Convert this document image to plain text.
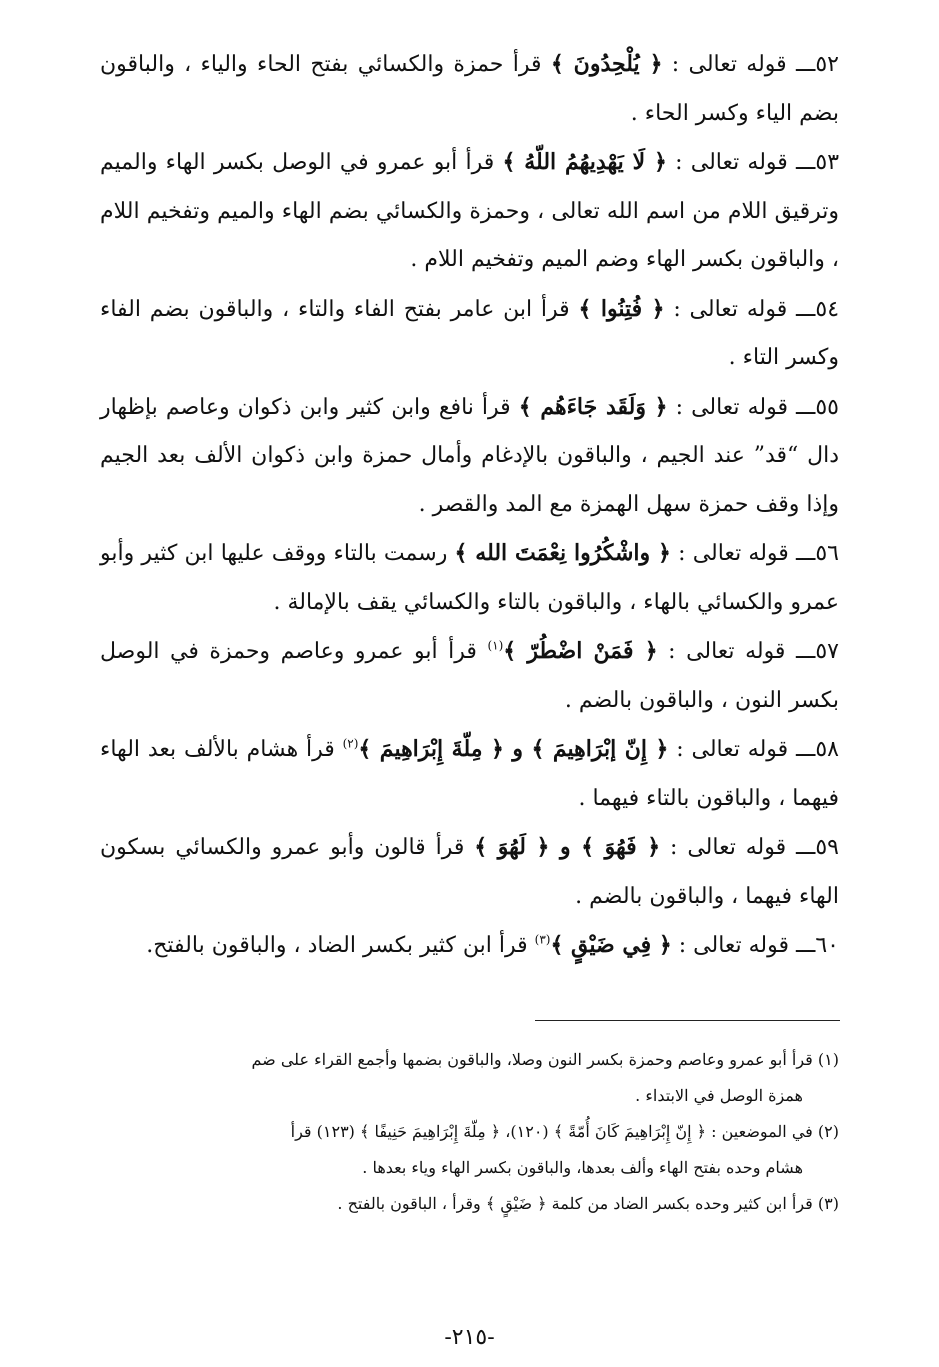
٥٢ـــ قوله تعالى : ﴿ يُلْحِدُونَ ﴾ قرأ حمزة والكسائي بفتح الحاء والياء ، والباقون بضم الياء وكسر الحاء .

٥٣ـــ قوله تعالى : ﴿ لَا يَهْدِيهُمُ اللّهُ ﴾ قرأ أبو عمرو في الوصل بكسر الهاء والميم وترقيق اللام من اسم الله تعالى ، وحمزة والكسائي بضم الهاء والميم وتفخيم اللام ، والباقون بكسر الهاء وضم الميم وتفخيم اللام .

٥٤ـــ قوله تعالى : ﴿ فُتِنُوا ﴾ قرأ ابن عامر بفتح الفاء والتاء ، والباقون بضم الفاء وكسر التاء .

٥٥ـــ قوله تعالى : ﴿ وَلَقَد جَاءَهُم ﴾ قرأ نافع وابن كثير وابن ذكوان وعاصم بإظهار دال “قد” عند الجيم ، والباقون بالإدغام وأمال حمزة وابن ذكوان الألف بعد الجيم وإذا وقف حمزة سهل الهمزة مع المد والقصر .

٥٦ـــ قوله تعالى : ﴿ واشْكُرُوا نِعْمَتَ الله ﴾ رسمت بالتاء ووقف عليها ابن كثير وأبو عمرو والكسائي بالهاء ، والباقون بالتاء والكسائي يقف بالإمالة .

٥٧ـــ قوله تعالى : ﴿ فَمَنْ اضْطُرّ ﴾$^{(١)}$ قرأ أبو عمرو وعاصم وحمزة في الوصل بكسر النون ، والباقون بالضم .

٥٨ـــ قوله تعالى : ﴿ إِنّ إبْرَاهِيمَ ﴾ و ﴿ مِلّةَ إِبْرَاهِيمَ ﴾$^{(٢)}$ قرأ هشام بالألف بعد الهاء فيهما ، والباقون بالتاء فيهما .

٥٩ـــ قوله تعالى : ﴿ فَهُوَ ﴾ و ﴿ لَهُوَ ﴾ قرأ قالون وأبو عمرو والكسائي بسكون الهاء فيهما ، والباقون بالضم .

٦٠ـــ قوله تعالى : ﴿ فِي ضَيْقٍ ﴾$^{(٣)}$ قرأ ابن كثير بكسر الضاد ، والباقون بالفتح.

(١) قرأ أبو عمرو وعاصم وحمزة بكسر النون وصلا، والباقون بضمها وأجمع القراء على ضم
همزة الوصل في الابتداء .

(٢) في الموضعين : ﴿ إِنّ إِبْرَاهِيمَ كَانَ أُمّةً ﴾ (١٢٠)، ﴿ مِلّةَ إِبْرَاهِيمَ حَنِيفًا ﴾ (١٢٣) قرأ
هشام وحده بفتح الهاء وألف بعدها، والباقون بكسر الهاء وياء بعدها .

(٣) قرأ ابن كثير وحده بكسر الضاد من كلمة ﴿ ضَيْقٍ ﴾ وقرأ ، الباقون بالفتح .

-٢١٥-
